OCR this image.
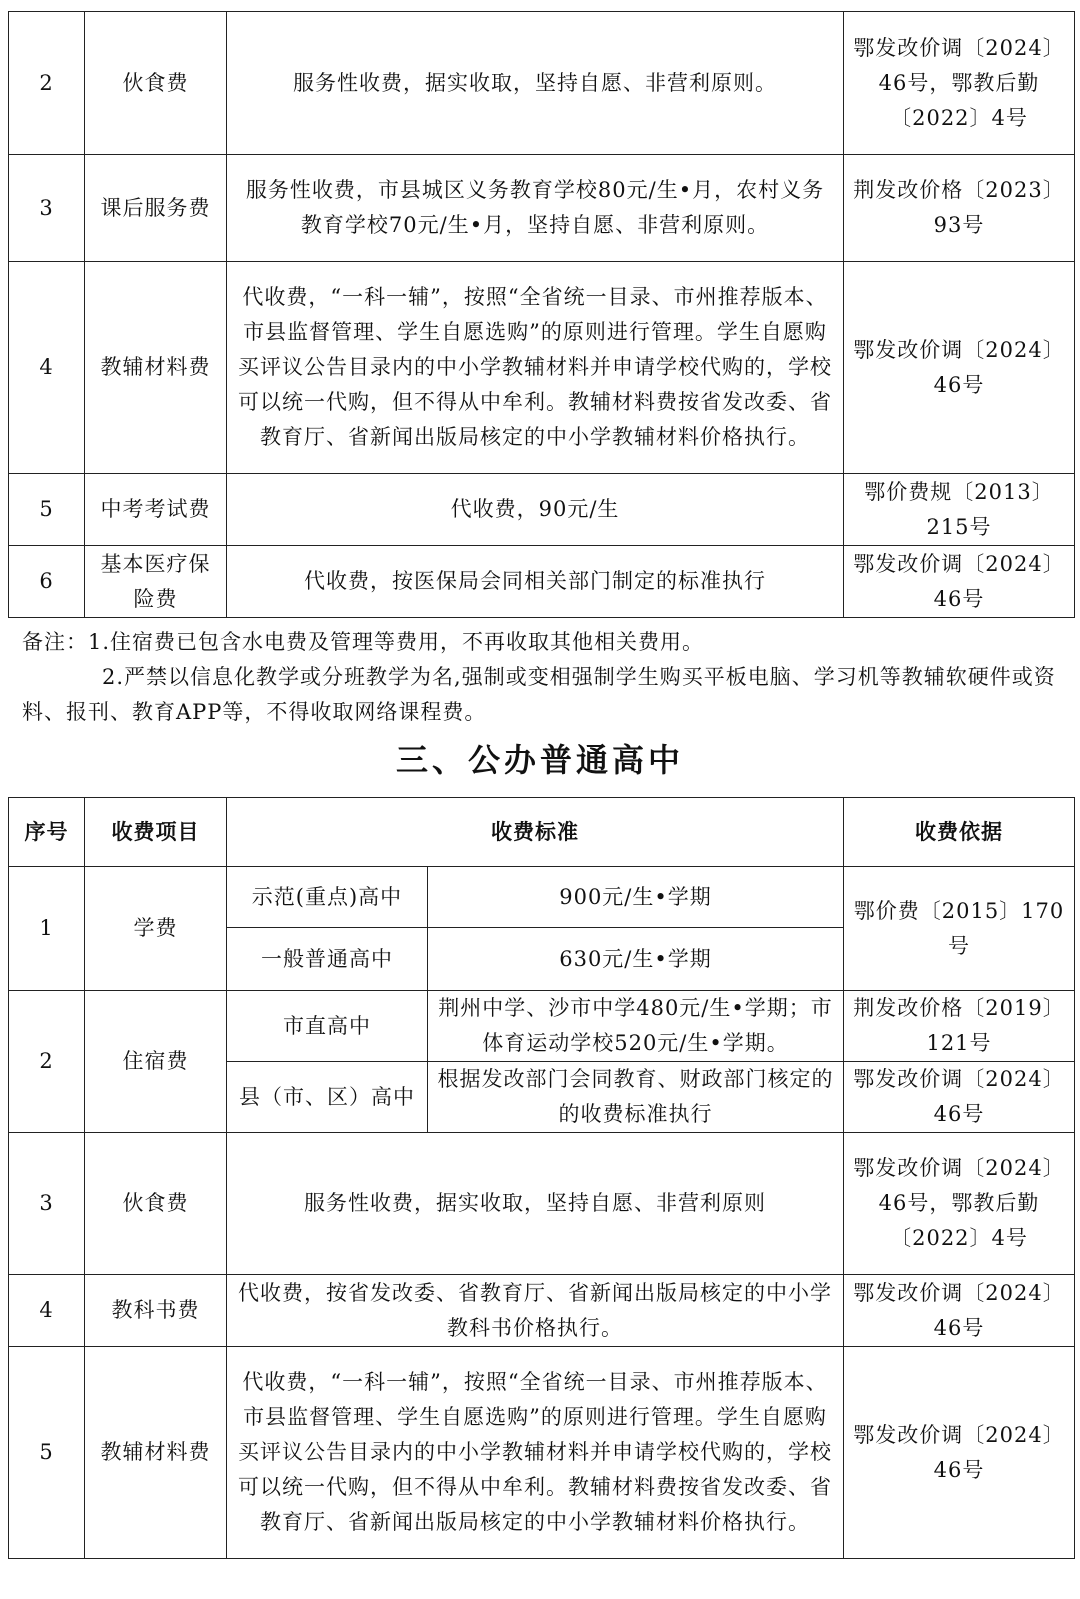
2	伙食费	服务性收费，据实收取，坚持自愿、非营利原则。	鄂发改价调〔2024〕46号，鄂教后勤〔2022〕4号
3	课后服务费	服务性收费，市县城区义务教育学校80元/生•月，农村义务教育学校70元/生•月，坚持自愿、非营利原则。	荆发改价格〔2023〕93号
4	教辅材料费	代收费，“一科一辅”，按照“全省统一目录、市州推荐版本、市县监督管理、学生自愿选购”的原则进行管理。学生自愿购买评议公告目录内的中小学教辅材料并申请学校代购的，学校可以统一代购，但不得从中牟利。教辅材料费按省发改委、省教育厅、省新闻出版局核定的中小学教辅材料价格执行。	鄂发改价调〔2024〕46号
5	中考考试费	代收费，90元/生	鄂价费规〔2013〕215号
6	基本医疗保险费	代收费，按医保局会同相关部门制定的标准执行	鄂发改价调〔2024〕46号
备注：1.住宿费已包含水电费及管理等费用，不再收取其他相关费用。
2.严禁以信息化教学或分班教学为名,强制或变相强制学生购买平板电脑、学习机等教辅软硬件或资料、报刊、教育APP等，不得收取网络课程费。
三、公办普通高中
序号	收费项目	收费标准		收费依据
1	学费	示范(重点)高中	900元/生•学期	鄂价费〔2015〕170号
		一般普通高中	630元/生•学期	
2	住宿费	市直高中	荆州中学、沙市中学480元/生•学期；市体育运动学校520元/生•学期。	荆发改价格〔2019〕121号
		县（市、区）高中	根据发改部门会同教育、财政部门核定的的收费标准执行	鄂发改价调〔2024〕46号
3	伙食费	服务性收费，据实收取，坚持自愿、非营利原则		鄂发改价调〔2024〕46号，鄂教后勤〔2022〕4号
4	教科书费	代收费，按省发改委、省教育厅、省新闻出版局核定的中小学教科书价格执行。		鄂发改价调〔2024〕46号
5	教辅材料费	代收费，“一科一辅”，按照“全省统一目录、市州推荐版本、市县监督管理、学生自愿选购”的原则进行管理。学生自愿购买评议公告目录内的中小学教辅材料并申请学校代购的，学校可以统一代购，但不得从中牟利。教辅材料费按省发改委、省教育厅、省新闻出版局核定的中小学教辅材料价格执行。		鄂发改价调〔2024〕46号
